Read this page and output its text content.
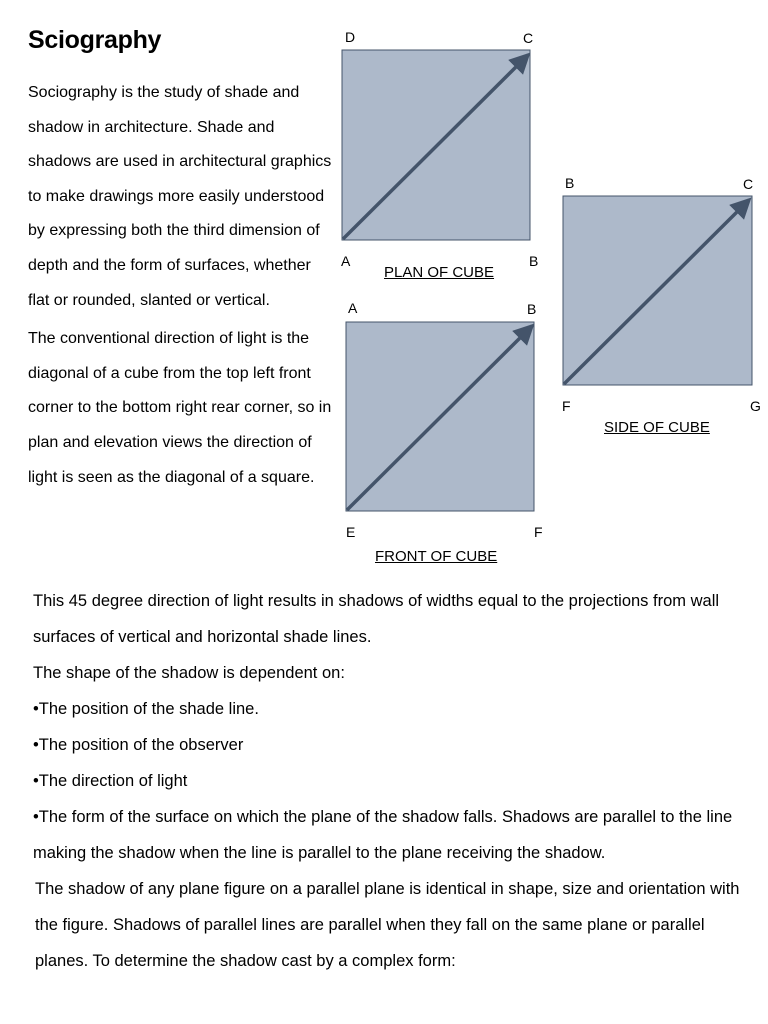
Sciography

Sociography is the study of shade and shadow in architecture. Shade and shadows are used in architectural graphics to make drawings more easily understood by expressing both the third dimension of depth and the form of surfaces, whether flat or rounded, slanted or vertical.

The conventional direction of light is the diagonal of a cube from the top left front corner to the bottom right rear corner, so in plan and elevation views the direction of light is seen as the diagonal of a square.

D	C
A	B
PLAN OF CUBE
B	C
F	G
SIDE OF CUBE
A	B
E	F
FRONT OF CUBE

This 45 degree direction of light results in shadows of widths equal to the projections from wall surfaces of vertical and horizontal shade lines.

The shape of the shadow is dependent on:

•The position of the shade line.

•The position of the observer

•The direction of light

•The form of the surface on which the plane of the shadow falls. Shadows are parallel to the line making the shadow when the line is parallel to the plane receiving the shadow.

The shadow of any plane figure on a parallel plane is identical in shape, size and orientation with the figure. Shadows of parallel lines are parallel when they fall on the same plane or parallel planes. To determine the shadow cast by a complex form:
